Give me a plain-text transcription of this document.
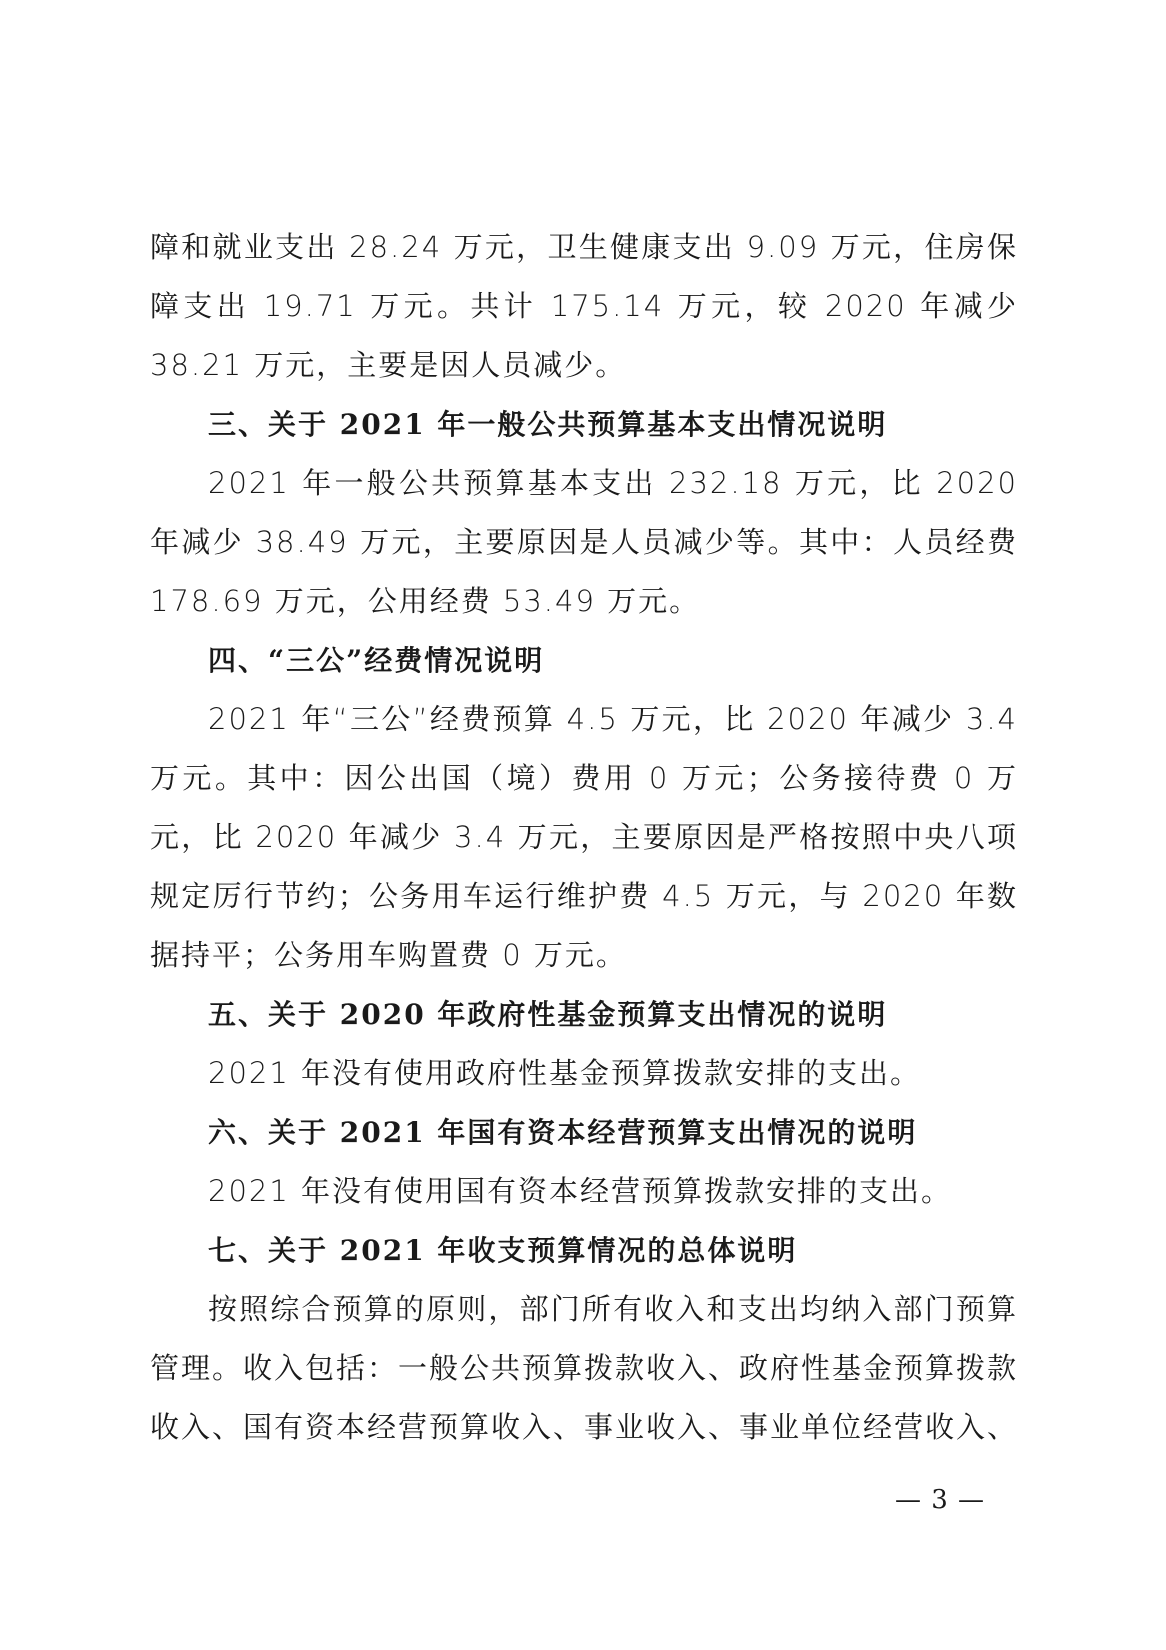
障和就业支出 28.24 万元，卫生健康支出 9.09 万元，住房保障支出 19.71 万元。共计 175.14 万元，较 2020 年减少 38.21 万元，主要是因人员减少。

三、关于 2021 年一般公共预算基本支出情况说明

2021 年一般公共预算基本支出 232.18 万元，比 2020 年减少 38.49 万元，主要原因是人员减少等。其中：人员经费 178.69 万元，公用经费 53.49 万元。

四、“三公”经费情况说明

2021 年“三公”经费预算 4.5 万元，比 2020 年减少 3.4 万元。其中：因公出国（境）费用 0 万元；公务接待费 0 万元，比 2020 年减少 3.4 万元，主要原因是严格按照中央八项规定厉行节约；公务用车运行维护费 4.5 万元，与 2020 年数据持平；公务用车购置费 0 万元。

五、关于 2020 年政府性基金预算支出情况的说明

2021 年没有使用政府性基金预算拨款安排的支出。

六、关于 2021 年国有资本经营预算支出情况的说明

2021 年没有使用国有资本经营预算拨款安排的支出。

七、关于 2021 年收支预算情况的总体说明

按照综合预算的原则，部门所有收入和支出均纳入部门预算管理。收入包括：一般公共预算拨款收入、政府性基金预算拨款收入、国有资本经营预算收入、事业收入、事业单位经营收入、

— 3 —
